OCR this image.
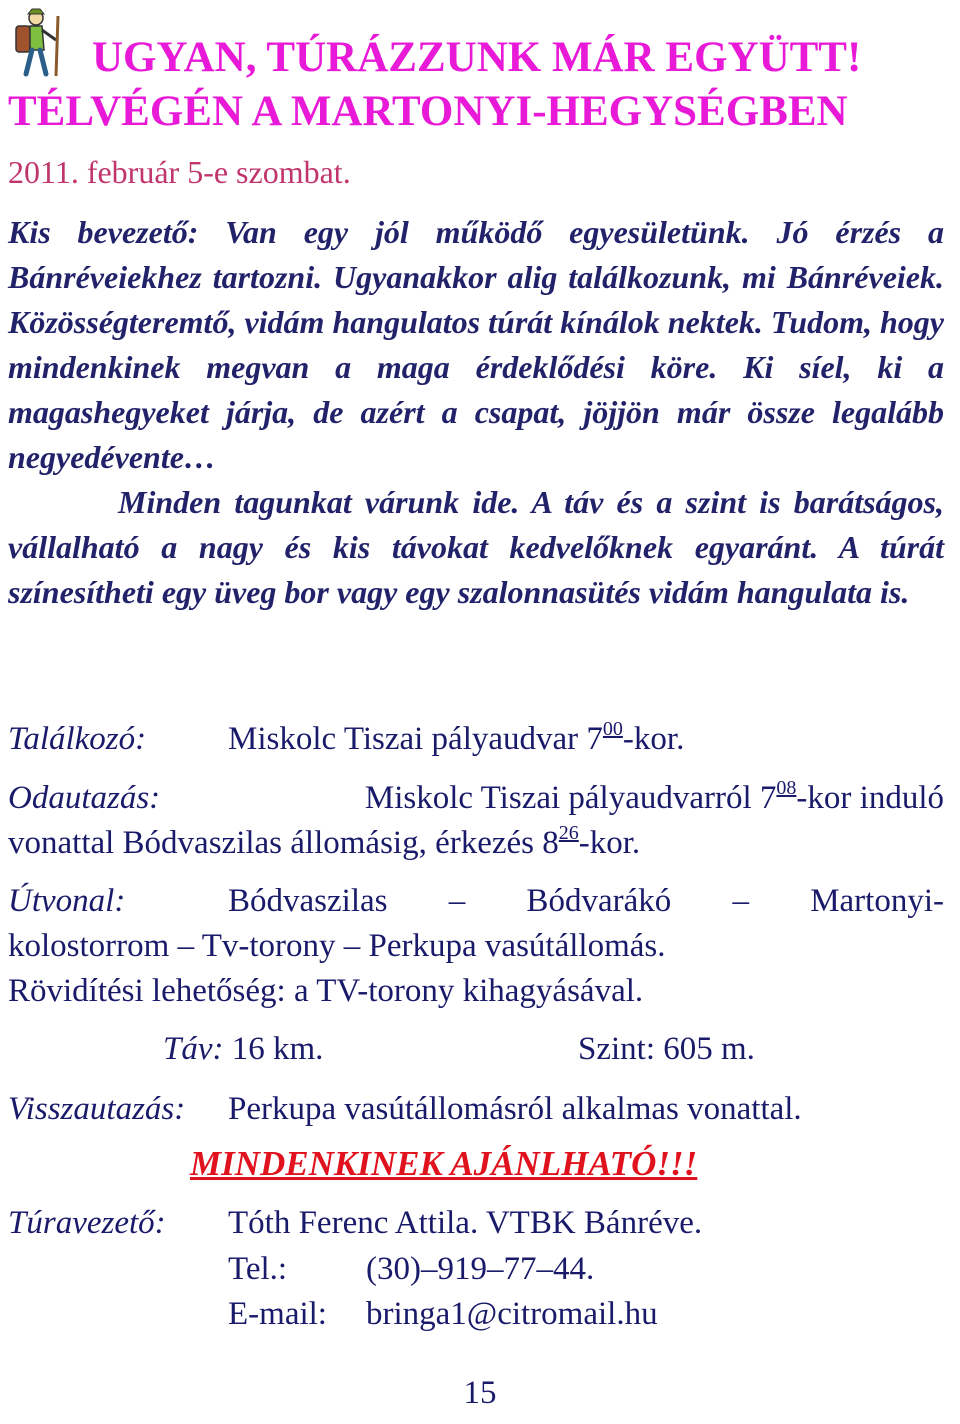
UGYAN, TÚRÁZZUNK MÁR EGYÜTT!
TÉLVÉGÉN A MARTONYI-HEGYSÉGBEN
2011. február 5-e szombat.

Kis bevezető: Van egy jól működő egyesületünk. Jó érzés a Bánréveiekhez tartozni. Ugyanakkor alig találkozunk, mi Bánréveiek. Közösségteremtő, vidám hangulatos túrát kínálok nektek. Tudom, hogy mindenkinek megvan a maga érdeklődési köre. Ki síel, ki a magashegyeket járja, de azért a csapat, jöjjön már össze legalább negyedévente…

Minden tagunkat várunk ide. A táv és a szint is barátságos, vállalható a nagy és kis távokat kedvelőknek egyaránt. A túrát színesítheti egy üveg bor vagy egy szalonnasütés vidám hangulata is.

Találkozó: Miskolc Tiszai pályaudvar $7^{00}$-kor.
Odautazás:	Miskolc Tiszai pályaudvarról $7^{08}$-kor induló
vonattal Bódvaszilas állomásig, érkezés $8^{26}$-kor.
Útvonal:	Bódvaszilas – Bódvarákó – Martonyi-
kolostorrom – Tv-torony – Perkupa vasútállomás.
Rövidítési lehetőség: a TV-torony kihagyásával.
Táv: 16 km.	Szint: 605 m.
Visszautazás: Perkupa vasútállomásról alkalmas vonattal.
MINDENKINEK AJÁNLHATÓ!!!
Túravezető: Tóth Ferenc Attila. VTBK Bánréve.
Tel.: (30)–919–77–44.
E-mail: bringa1@citromail.hu
15
